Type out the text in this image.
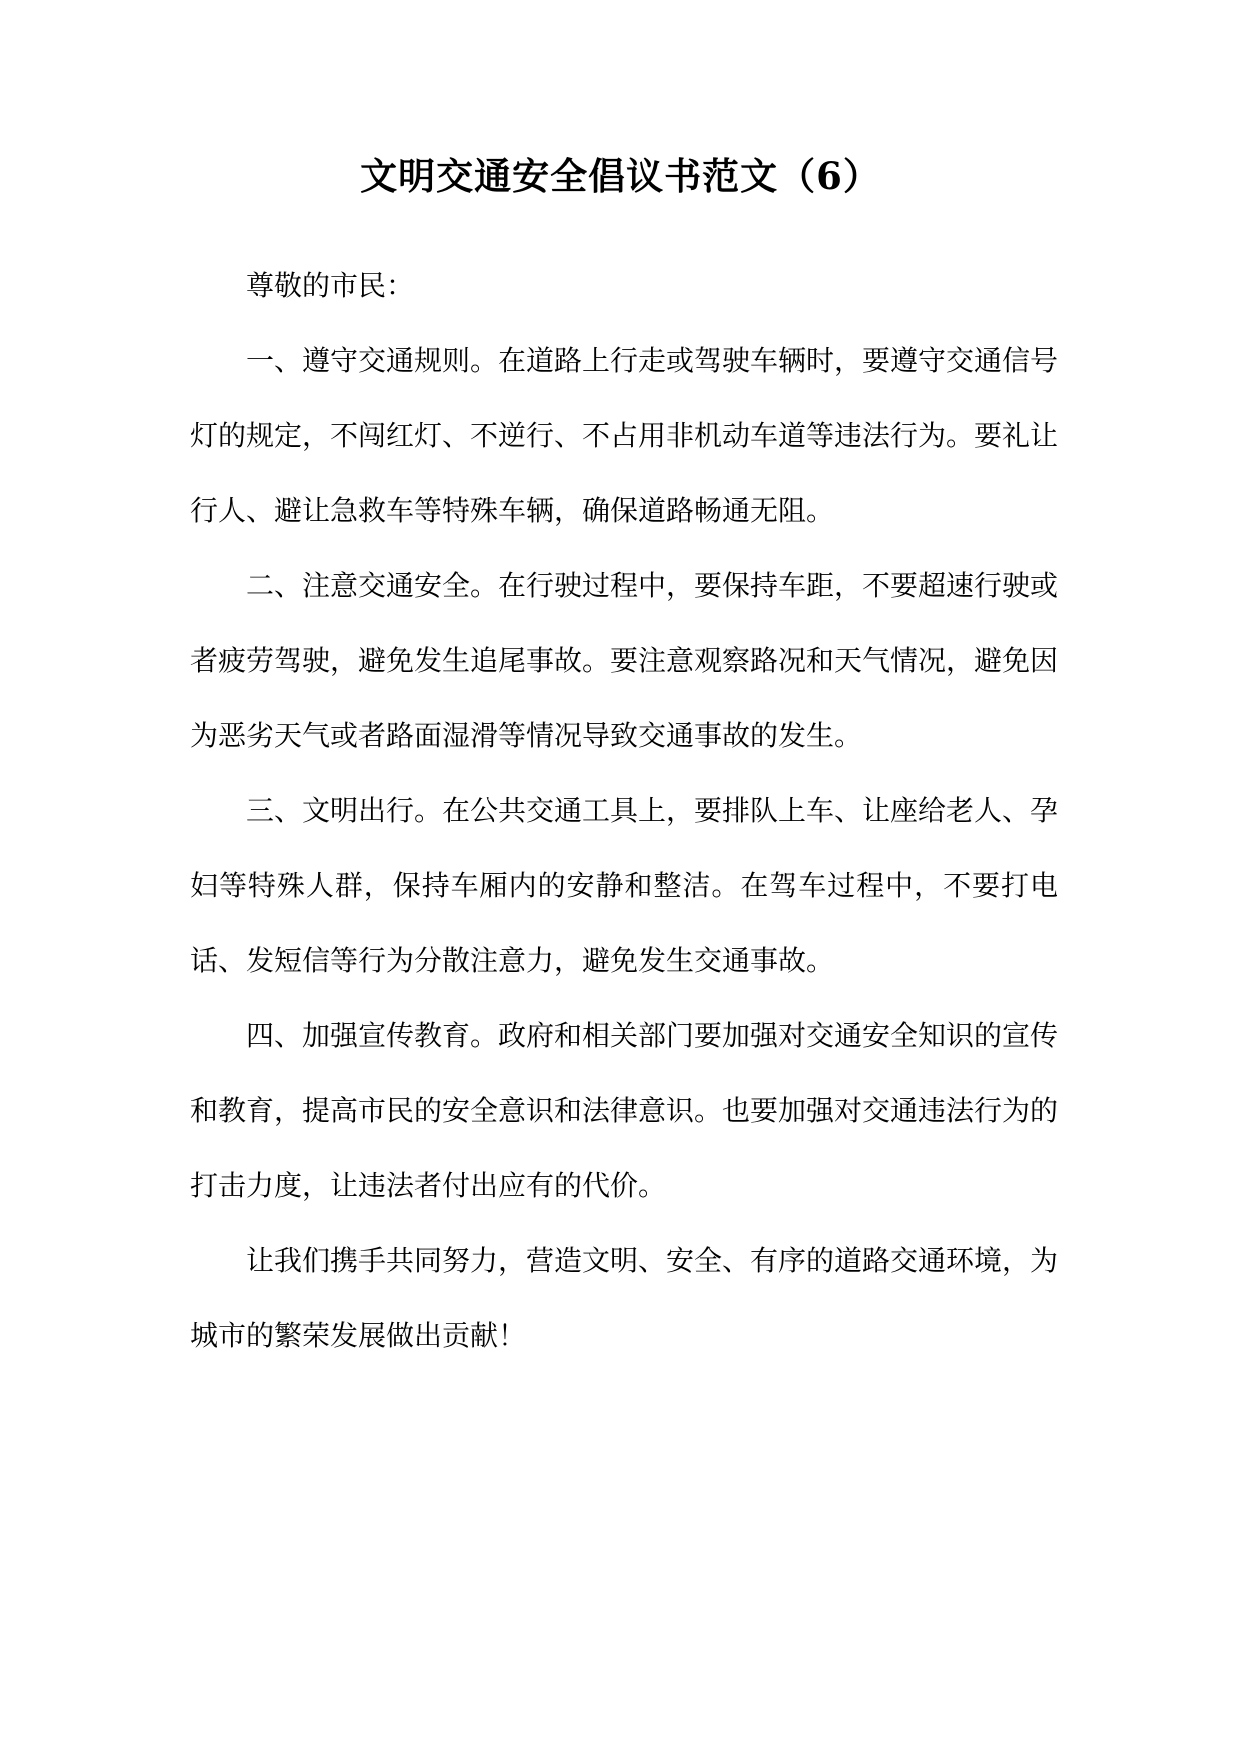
文明交通安全倡议书范文（6）

尊敬的市民：

一、遵守交通规则。在道路上行走或驾驶车辆时，要遵守交通信号灯的规定，不闯红灯、不逆行、不占用非机动车道等违法行为。要礼让行人、避让急救车等特殊车辆，确保道路畅通无阻。

二、注意交通安全。在行驶过程中，要保持车距，不要超速行驶或者疲劳驾驶，避免发生追尾事故。要注意观察路况和天气情况，避免因为恶劣天气或者路面湿滑等情况导致交通事故的发生。

三、文明出行。在公共交通工具上，要排队上车、让座给老人、孕妇等特殊人群，保持车厢内的安静和整洁。在驾车过程中，不要打电话、发短信等行为分散注意力，避免发生交通事故。

四、加强宣传教育。政府和相关部门要加强对交通安全知识的宣传和教育，提高市民的安全意识和法律意识。也要加强对交通违法行为的打击力度，让违法者付出应有的代价。

让我们携手共同努力，营造文明、安全、有序的道路交通环境，为城市的繁荣发展做出贡献！
